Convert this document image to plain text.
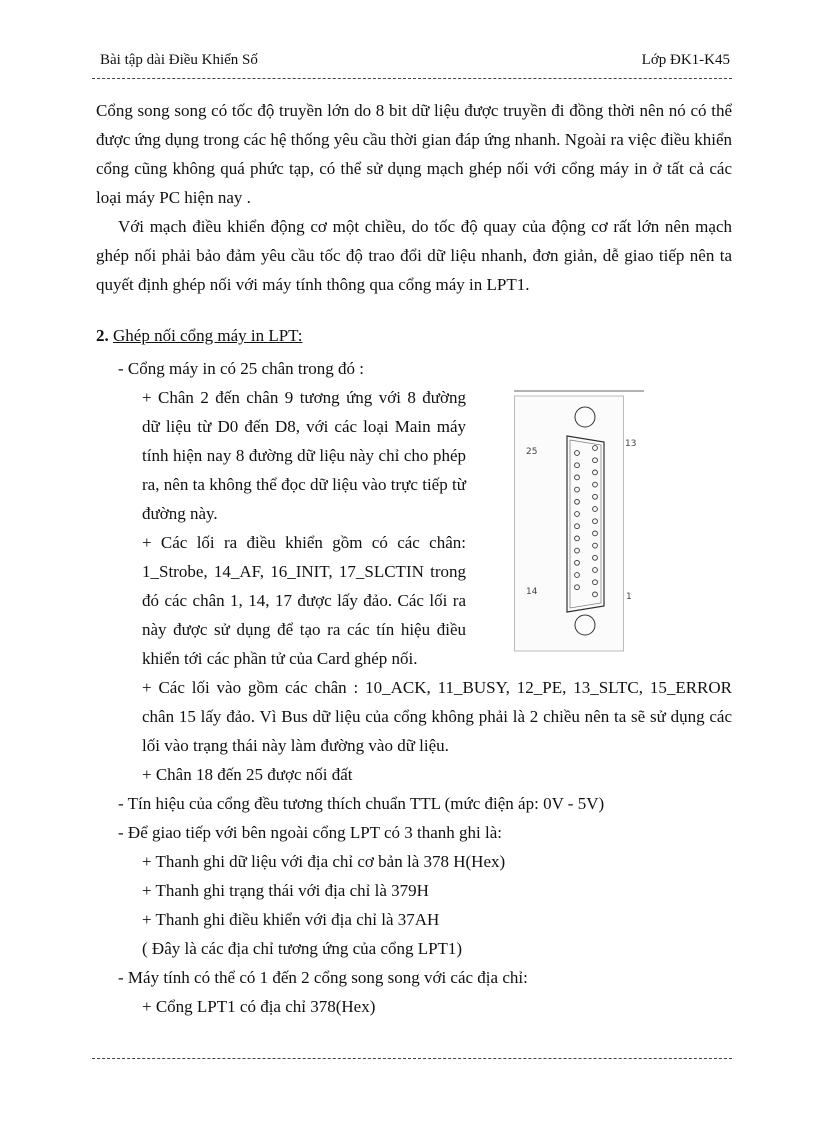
Bài tập dài Điều Khiển Số	Lớp ĐK1-K45

Cổng song song có tốc độ truyền lớn do 8 bit dữ liệu được truyền đi đồng thời nên nó có thể được ứng dụng trong các hệ thống yêu cầu thời gian đáp ứng nhanh. Ngoài ra việc điều khiển cổng cũng không quá phức tạp, có thể sử dụng mạch ghép nối với cổng máy in ở tất cả các loại máy PC hiện nay .

Với mạch điều khiển động cơ một chiều, do tốc độ quay của động cơ rất lớn nên mạch ghép nối phải bảo đảm yêu cầu tốc độ trao đổi dữ liệu nhanh, đơn giản, dễ giao tiếp nên ta quyết định ghép nối với máy tính thông qua cổng máy in LPT1.

2. Ghép nối cổng máy in LPT:

- Cổng máy in có 25 chân trong đó :

+ Chân 2 đến chân 9 tương ứng với 8 đường dữ liệu từ D0 đến D8, với các loại Main máy tính hiện nay 8 đường dữ liệu này chỉ cho phép ra, nên ta không thể đọc dữ liệu vào trực tiếp từ đường này.

+ Các lối ra điều khiển gồm có các chân: 1_Strobe, 14_AF, 16_INIT, 17_SLCTIN trong đó các chân 1, 14, 17 được lấy đảo. Các lối ra này được sử dụng để tạo ra các tín hiệu điều khiển tới các phần tử của Card ghép nối.

+ Các lối vào gồm các chân : 10_ACK, 11_BUSY, 12_PE, 13_SLTC, 15_ERROR chân 15 lấy đảo. Vì Bus dữ liệu của cổng không phải là 2 chiều nên ta sẽ sử dụng các lối vào trạng thái này làm đường vào dữ liệu.

+ Chân 18 đến 25 được nối đất

- Tín hiệu của cổng đều tương thích chuẩn TTL (mức điện áp: 0V - 5V)

- Để giao tiếp với bên ngoài cổng LPT có 3 thanh ghi là:

+ Thanh ghi dữ liệu với địa chỉ cơ bản là 378 H(Hex)

+ Thanh ghi trạng thái với địa chỉ là 379H

+ Thanh ghi điều khiển với địa chỉ là 37AH

( Đây là các địa chỉ tương ứng của cổng LPT1)

- Máy tính có thể có 1 đến 2 cổng song song với các địa chỉ:

+ Cổng LPT1 có địa chỉ 378(Hex)

25
13
14	1
